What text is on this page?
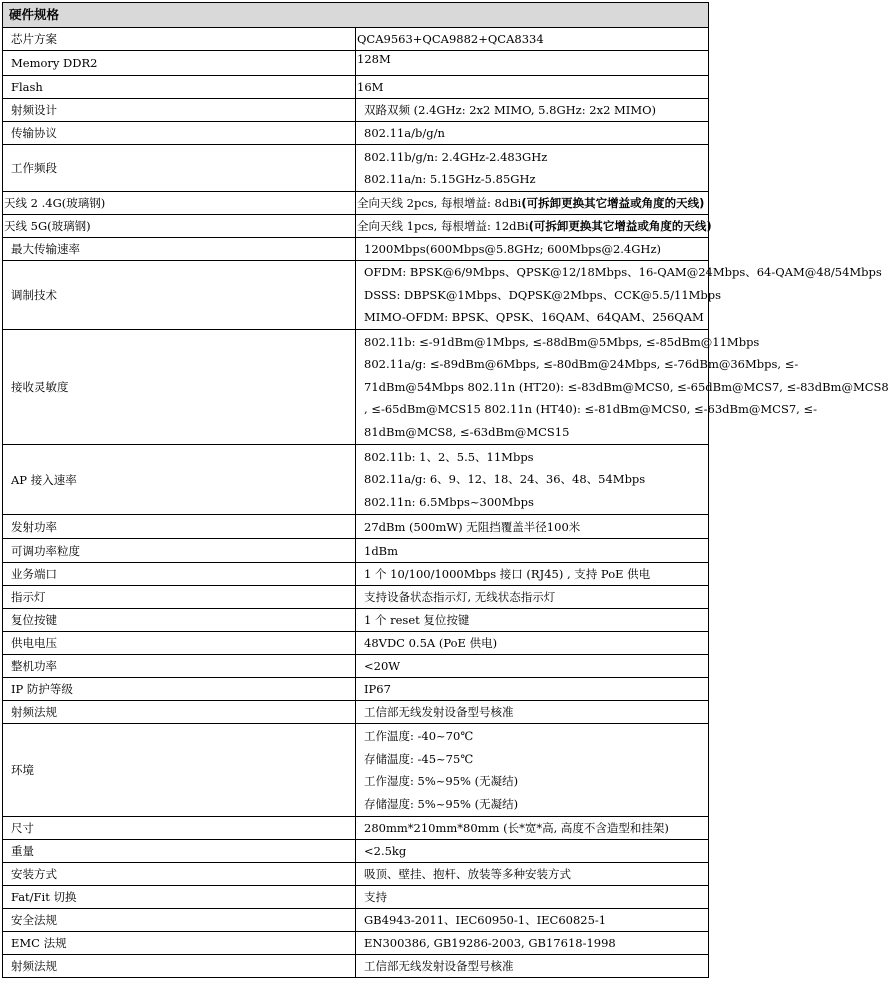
硬件规格	
芯片方案	QCA9563+QCA9882+QCA8334
Memory DDR2	128M
Flash	16M
射频设计	双路双频 (2.4GHz: 2x2 MIMO, 5.8GHz: 2x2 MIMO)
传输协议	802.11a/b/g/n
工作频段	802.11b/g/n: 2.4GHz-2.483GHz
802.11a/n: 5.15GHz-5.85GHz

天线 2 .4G(玻璃钢)	全向天线 2pcs, 每根增益: 8dBi(可拆卸更换其它增益或角度的天线)
天线 5G(玻璃钢)	全向天线 1pcs, 每根增益: 12dBi(可拆卸更换其它增益或角度的天线)
最大传输速率	1200Mbps(600Mbps@5.8GHz; 600Mbps@2.4GHz)
调制技术	OFDM: BPSK@6/9Mbps、QPSK@12/18Mbps、16-QAM@24Mbps、64-QAM@48/54Mbps
DSSS: DBPSK@1Mbps、DQPSK@2Mbps、CCK@5.5/11Mbps
MIMO-OFDM: BPSK、QPSK、16QAM、64QAM、256QAM

接收灵敏度	802.11b: ≤-91dBm@1Mbps, ≤-88dBm@5Mbps, ≤-85dBm@11Mbps
802.11a/g: ≤-89dBm@6Mbps, ≤-80dBm@24Mbps, ≤-76dBm@36Mbps, ≤-
71dBm@54Mbps 802.11n (HT20): ≤-83dBm@MCS0, ≤-65dBm@MCS7, ≤-83dBm@MCS8
, ≤-65dBm@MCS15 802.11n (HT40): ≤-81dBm@MCS0, ≤-63dBm@MCS7, ≤-
81dBm@MCS8, ≤-63dBm@MCS15

AP 接入速率	802.11b: 1、2、5.5、11Mbps
802.11a/g: 6、9、12、18、24、36、48、54Mbps
802.11n: 6.5Mbps~300Mbps

发射功率	27dBm (500mW) 无阻挡覆盖半径100米
可调功率粒度	1dBm
业务端口	1 个 10/100/1000Mbps 接口 (RJ45) , 支持 PoE 供电
指示灯	支持设备状态指示灯, 无线状态指示灯
复位按键	1 个 reset 复位按键
供电电压	48VDC 0.5A (PoE 供电)
整机功率	<20W
IP 防护等级	IP67
射频法规	工信部无线发射设备型号核准
环境	工作温度: -40~70℃
存储温度: -45~75℃
工作湿度: 5%~95% (无凝结)
存储湿度: 5%~95% (无凝结)

尺寸	280mm*210mm*80mm (长*宽*高, 高度不含造型和挂架)
重量	<2.5kg
安装方式	吸顶、壁挂、抱杆、放装等多种安装方式
Fat/Fit 切换	支持
安全法规	GB4943-2011、IEC60950-1、IEC60825-1
EMC 法规	EN300386, GB19286-2003, GB17618-1998
射频法规	工信部无线发射设备型号核准
